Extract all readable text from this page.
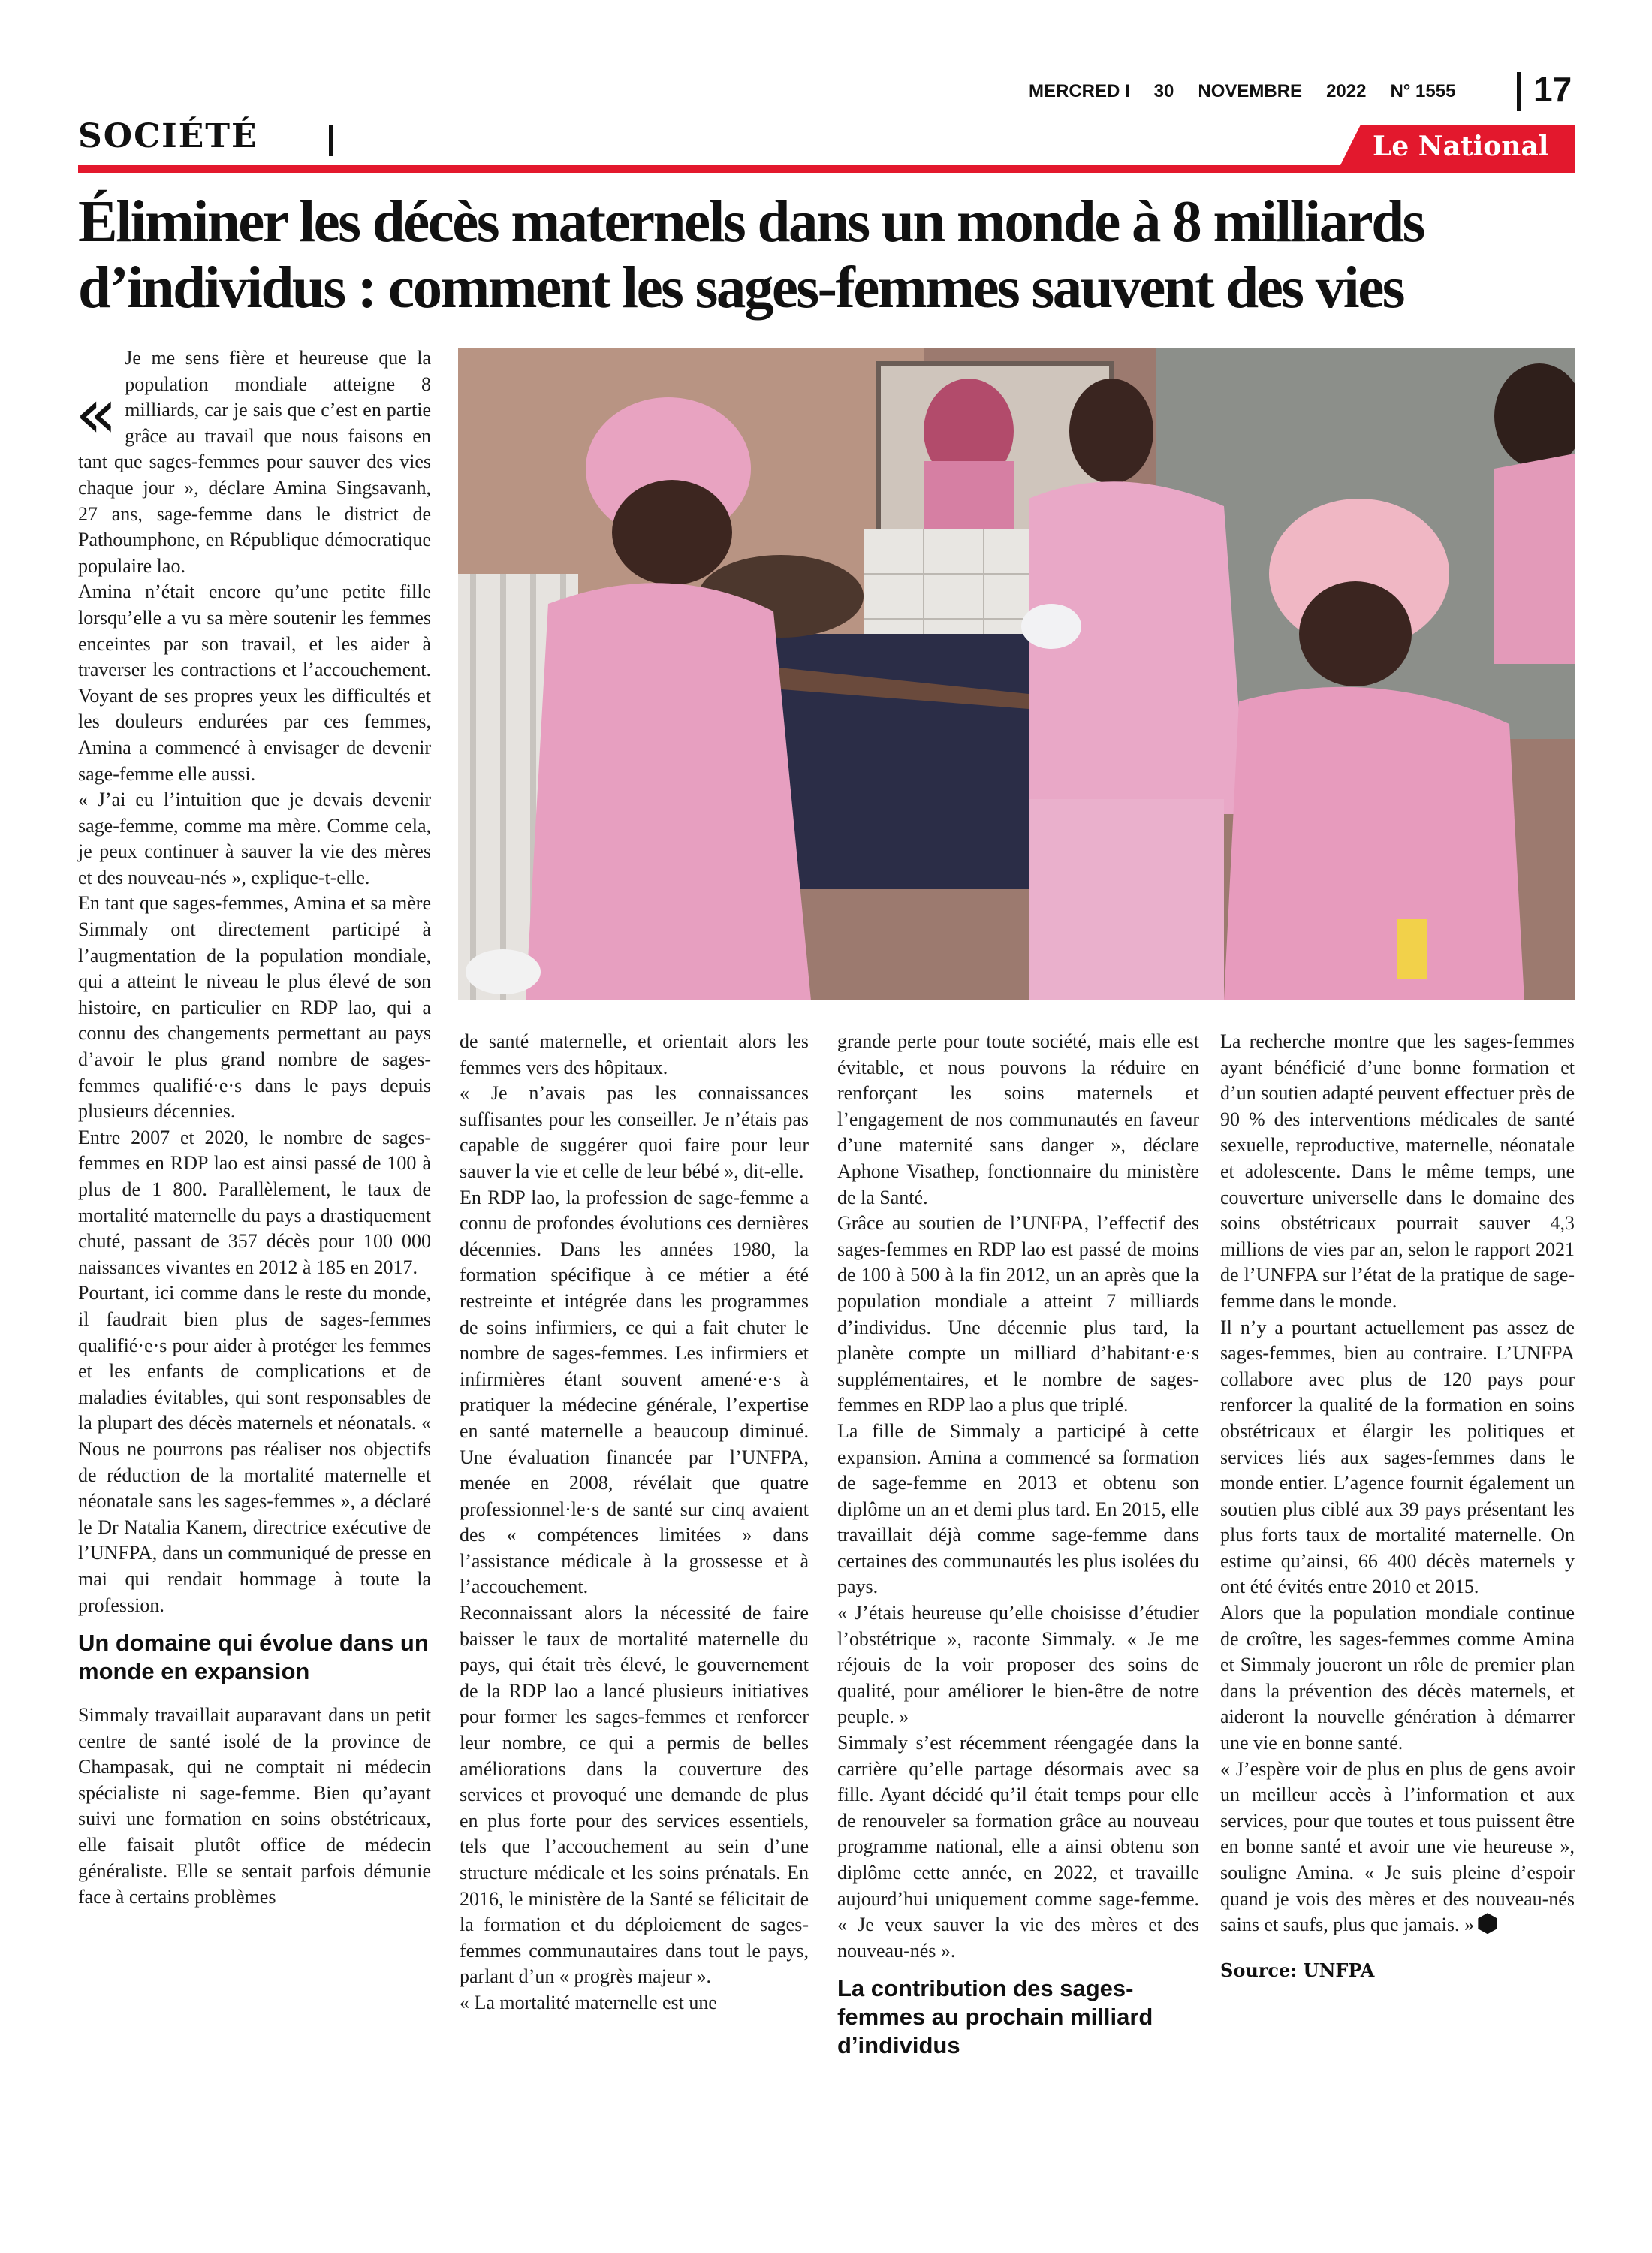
MERCRED I 30 NOVEMBRE 2022 N° 1555 17
SOCIÉTÉ	Le National
Éliminer les décès maternels dans un monde à 8 milliards d’individus : comment les sages-femmes sauvent des vies
«

Je me sens fière et heureuse que la population mondiale atteigne 8 milliards, car je sais que c’est en partie grâce au travail que nous faisons en tant que sages-femmes pour sauver des vies chaque jour », déclare Amina Singsavanh, 27 ans, sage-femme dans le district de Pathoumphone, en République démocratique populaire lao.

Amina n’était encore qu’une petite fille lorsqu’elle a vu sa mère soutenir les femmes enceintes par son travail, et les aider à traverser les contractions et l’accouchement. Voyant de ses propres yeux les difficultés et les douleurs endurées par ces femmes, Amina a commencé à envisager de devenir sage-femme elle aussi.

« J’ai eu l’intuition que je devais devenir sage-femme, comme ma mère. Comme cela, je peux continuer à sauver la vie des mères et des nouveau-nés », explique-t-elle.

En tant que sages-femmes, Amina et sa mère Simmaly ont directement participé à l’augmentation de la population mondiale, qui a atteint le niveau le plus élevé de son histoire, en particulier en RDP lao, qui a connu des changements permettant au pays d’avoir le plus grand nombre de sages-femmes qualifié·e·s dans le pays depuis plusieurs décennies.

Entre 2007 et 2020, le nombre de sages-femmes en RDP lao est ainsi passé de 100 à plus de 1 800. Parallèlement, le taux de mortalité maternelle du pays a drastiquement chuté, passant de 357 décès pour 100 000 naissances vivantes en 2012 à 185 en 2017.

Pourtant, ici comme dans le reste du monde, il faudrait bien plus de sages-femmes qualifié·e·s pour aider à protéger les femmes et les enfants de complications et de maladies évitables, qui sont responsables de la plupart des décès maternels et néonatals. « Nous ne pourrons pas réaliser nos objectifs de réduction de la mortalité maternelle et néonatale sans les sages-femmes », a déclaré le Dr Natalia Kanem, directrice exécutive de l’UNFPA, dans un communiqué de presse en mai qui rendait hommage à toute la profession.

Un domaine qui évolue dans un monde en expansion

Simmaly travaillait auparavant dans un petit centre de santé isolé de la province de Champasak, qui ne comptait ni médecin spécialiste ni sage-femme. Bien qu’ayant suivi une formation en soins obstétricaux, elle faisait plutôt office de médecin généraliste. Elle se sentait parfois démunie face à certains problèmes

de santé maternelle, et orientait alors les femmes vers des hôpitaux.

« Je n’avais pas les connaissances suffisantes pour les conseiller. Je n’étais pas capable de suggérer quoi faire pour leur sauver la vie et celle de leur bébé », dit-elle.

En RDP lao, la profession de sage-femme a connu de profondes évolutions ces dernières décennies. Dans les années 1980, la formation spécifique à ce métier a été restreinte et intégrée dans les programmes de soins infirmiers, ce qui a fait chuter le nombre de sages-femmes. Les infirmiers et infirmières étant souvent amené·e·s à pratiquer la médecine générale, l’expertise en santé maternelle a beaucoup diminué. Une évaluation financée par l’UNFPA, menée en 2008, révélait que quatre professionnel·le·s de santé sur cinq avaient des « compétences limitées » dans l’assistance médicale à la grossesse et à l’accouchement.

Reconnaissant alors la nécessité de faire baisser le taux de mortalité maternelle du pays, qui était très élevé, le gouvernement de la RDP lao a lancé plusieurs initiatives pour former les sages-femmes et renforcer leur nombre, ce qui a permis de belles améliorations dans la couverture des services et provoqué une demande de plus en plus forte pour des services essentiels, tels que l’accouchement au sein d’une structure médicale et les soins prénatals. En 2016, le ministère de la Santé se félicitait de la formation et du déploiement de sages-femmes communautaires dans tout le pays, parlant d’un « progrès majeur ».

« La mortalité maternelle est une

grande perte pour toute société, mais elle est évitable, et nous pouvons la réduire en renforçant les soins maternels et l’engagement de nos communautés en faveur d’une maternité sans danger », déclare Aphone Visathep, fonctionnaire du ministère de la Santé.

Grâce au soutien de l’UNFPA, l’effectif des sages-femmes en RDP lao est passé de moins de 100 à 500 à la fin 2012, un an après que la population mondiale a atteint 7 milliards d’individus. Une décennie plus tard, la planète compte un milliard d’habitant·e·s supplémentaires, et le nombre de sages-femmes en RDP lao a plus que triplé.

La fille de Simmaly a participé à cette expansion. Amina a commencé sa formation de sage-femme en 2013 et obtenu son diplôme un an et demi plus tard. En 2015, elle travaillait déjà comme sage-femme dans certaines des communautés les plus isolées du pays.

« J’étais heureuse qu’elle choisisse d’étudier l’obstétrique », raconte Simmaly. « Je me réjouis de la voir proposer des soins de qualité, pour améliorer le bien-être de notre peuple. »

Simmaly s’est récemment réengagée dans la carrière qu’elle partage désormais avec sa fille. Ayant décidé qu’il était temps pour elle de renouveler sa formation grâce au nouveau programme national, elle a ainsi obtenu son diplôme cette année, en 2022, et travaille aujourd’hui uniquement comme sage-femme. « Je veux sauver la vie des mères et des nouveau-nés ».

La contribution des sages-femmes au prochain milliard d’individus

La recherche montre que les sages-femmes ayant bénéficié d’une bonne formation et d’un soutien adapté peuvent effectuer près de 90 % des interventions médicales de santé sexuelle, reproductive, maternelle, néonatale et adolescente. Dans le même temps, une couverture universelle dans le domaine des soins obstétricaux pourrait sauver 4,3 millions de vies par an, selon le rapport 2021 de l’UNFPA sur l’état de la pratique de sage-femme dans le monde.

Il n’y a pourtant actuellement pas assez de sages-femmes, bien au contraire. L’UNFPA collabore avec plus de 120 pays pour renforcer la qualité de la formation en soins obstétricaux et élargir les politiques et services liés aux sages-femmes dans le monde entier. L’agence fournit également un soutien plus ciblé aux 39 pays présentant les plus forts taux de mortalité maternelle. On estime qu’ainsi, 66 400 décès maternels y ont été évités entre 2010 et 2015.

Alors que la population mondiale continue de croître, les sages-femmes comme Amina et Simmaly joueront un rôle de premier plan dans la prévention des décès maternels, et aideront la nouvelle génération à démarrer une vie en bonne santé.

« J’espère voir de plus en plus de gens avoir un meilleur accès à l’information et aux services, pour que toutes et tous puissent être en bonne santé et avoir une vie heureuse », souligne Amina. « Je suis pleine d’espoir quand je vois des mères et des nouveau-nés sains et saufs, plus que jamais. »

Source: UNFPA
